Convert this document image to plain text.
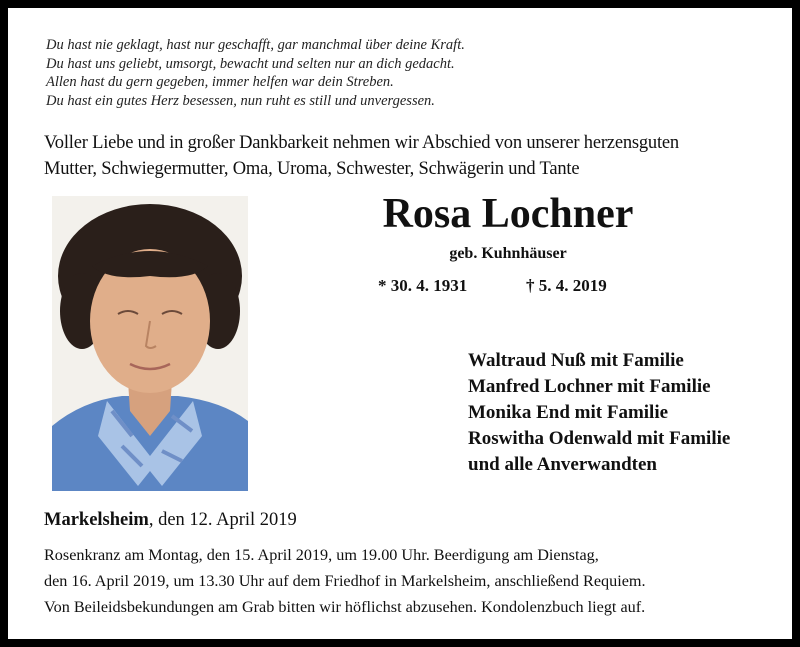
Du hast nie geklagt, hast nur geschafft, gar manchmal über deine Kraft.
Du hast uns geliebt, umsorgt, bewacht und selten nur an dich gedacht.
Allen hast du gern gegeben, immer helfen war dein Streben.
Du hast ein gutes Herz besessen, nun ruht es still und unvergessen.
Voller Liebe und in großer Dankbarkeit nehmen wir Abschied von unserer herzensguten
Mutter, Schwiegermutter, Oma, Uroma, Schwester, Schwägerin und Tante
Rosa Lochner
geb. Kuhnhäuser
* 30. 4. 1931	† 5. 4. 2019
Waltraud Nuß mit Familie
Manfred Lochner mit Familie
Monika End mit Familie
Roswitha Odenwald mit Familie
und alle Anverwandten
Markelsheim, den 12. April 2019
Rosenkranz am Montag, den 15. April 2019, um 19.00 Uhr. Beerdigung am Dienstag,
den 16. April 2019, um 13.30 Uhr auf dem Friedhof in Markelsheim, anschließend Requiem.
Von Beileidsbekundungen am Grab bitten wir höflichst abzusehen. Kondolenzbuch liegt auf.
